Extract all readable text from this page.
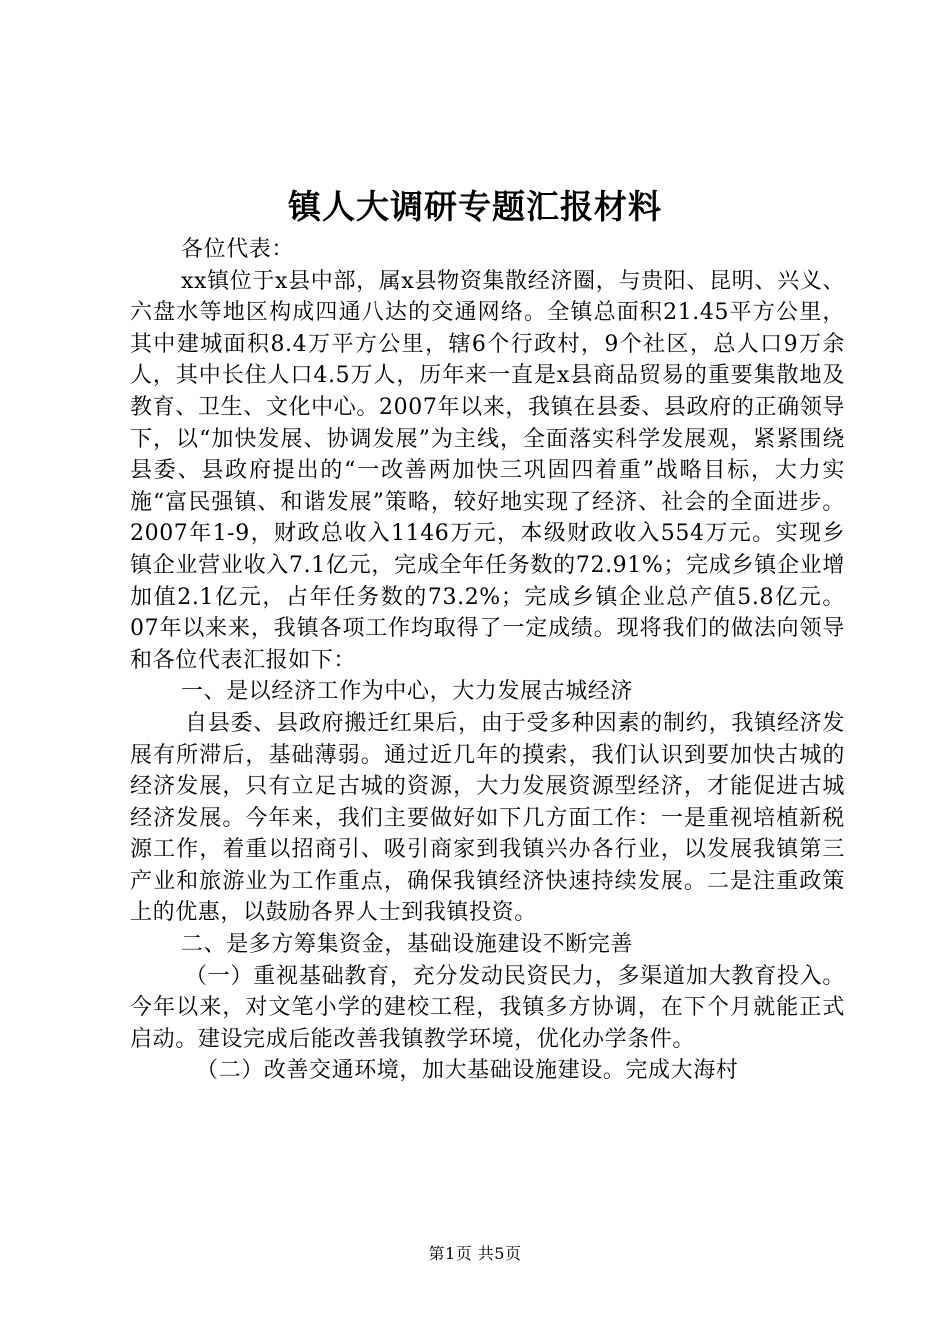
镇人大调研专题汇报材料

各位代表：

xx镇位于x县中部，属x县物资集散经济圈，与贵阳、昆明、兴义、六盘水等地区构成四通八达的交通网络。全镇总面积21.45平方公里，其中建城面积8.4万平方公里，辖6个行政村，9个社区，总人口9万余人，其中长住人口4.5万人，历年来一直是x县商品贸易的重要集散地及教育、卫生、文化中心。2007年以来，我镇在县委、县政府的正确领导下，以“加快发展、协调发展”为主线，全面落实科学发展观，紧紧围绕县委、县政府提出的“一改善两加快三巩固四着重”战略目标，大力实施“富民强镇、和谐发展”策略，较好地实现了经济、社会的全面进步。2007年1-9，财政总收入1146万元，本级财政收入554万元。实现乡镇企业营业收入7.1亿元，完成全年任务数的72.91%；完成乡镇企业增加值2.1亿元，占年任务数的73.2%；完成乡镇企业总产值5.8亿元。07年以来来，我镇各项工作均取得了一定成绩。现将我们的做法向领导和各位代表汇报如下：

一、是以经济工作为中心，大力发展古城经济

自县委、县政府搬迁红果后，由于受多种因素的制约，我镇经济发展有所滞后，基础薄弱。通过近几年的摸索，我们认识到要加快古城的经济发展，只有立足古城的资源，大力发展资源型经济，才能促进古城经济发展。今年来，我们主要做好如下几方面工作：一是重视培植新税源工作，着重以招商引、吸引商家到我镇兴办各行业，以发展我镇第三产业和旅游业为工作重点，确保我镇经济快速持续发展。二是注重政策上的优惠，以鼓励各界人士到我镇投资。

二、是多方筹集资金，基础设施建设不断完善

（一）重视基础教育，充分发动民资民力，多渠道加大教育投入。今年以来，对文笔小学的建校工程，我镇多方协调，在下个月就能正式启动。建设完成后能改善我镇教学环境，优化办学条件。

（二）改善交通环境，加大基础设施建设。完成大海村

第1页 共5页
